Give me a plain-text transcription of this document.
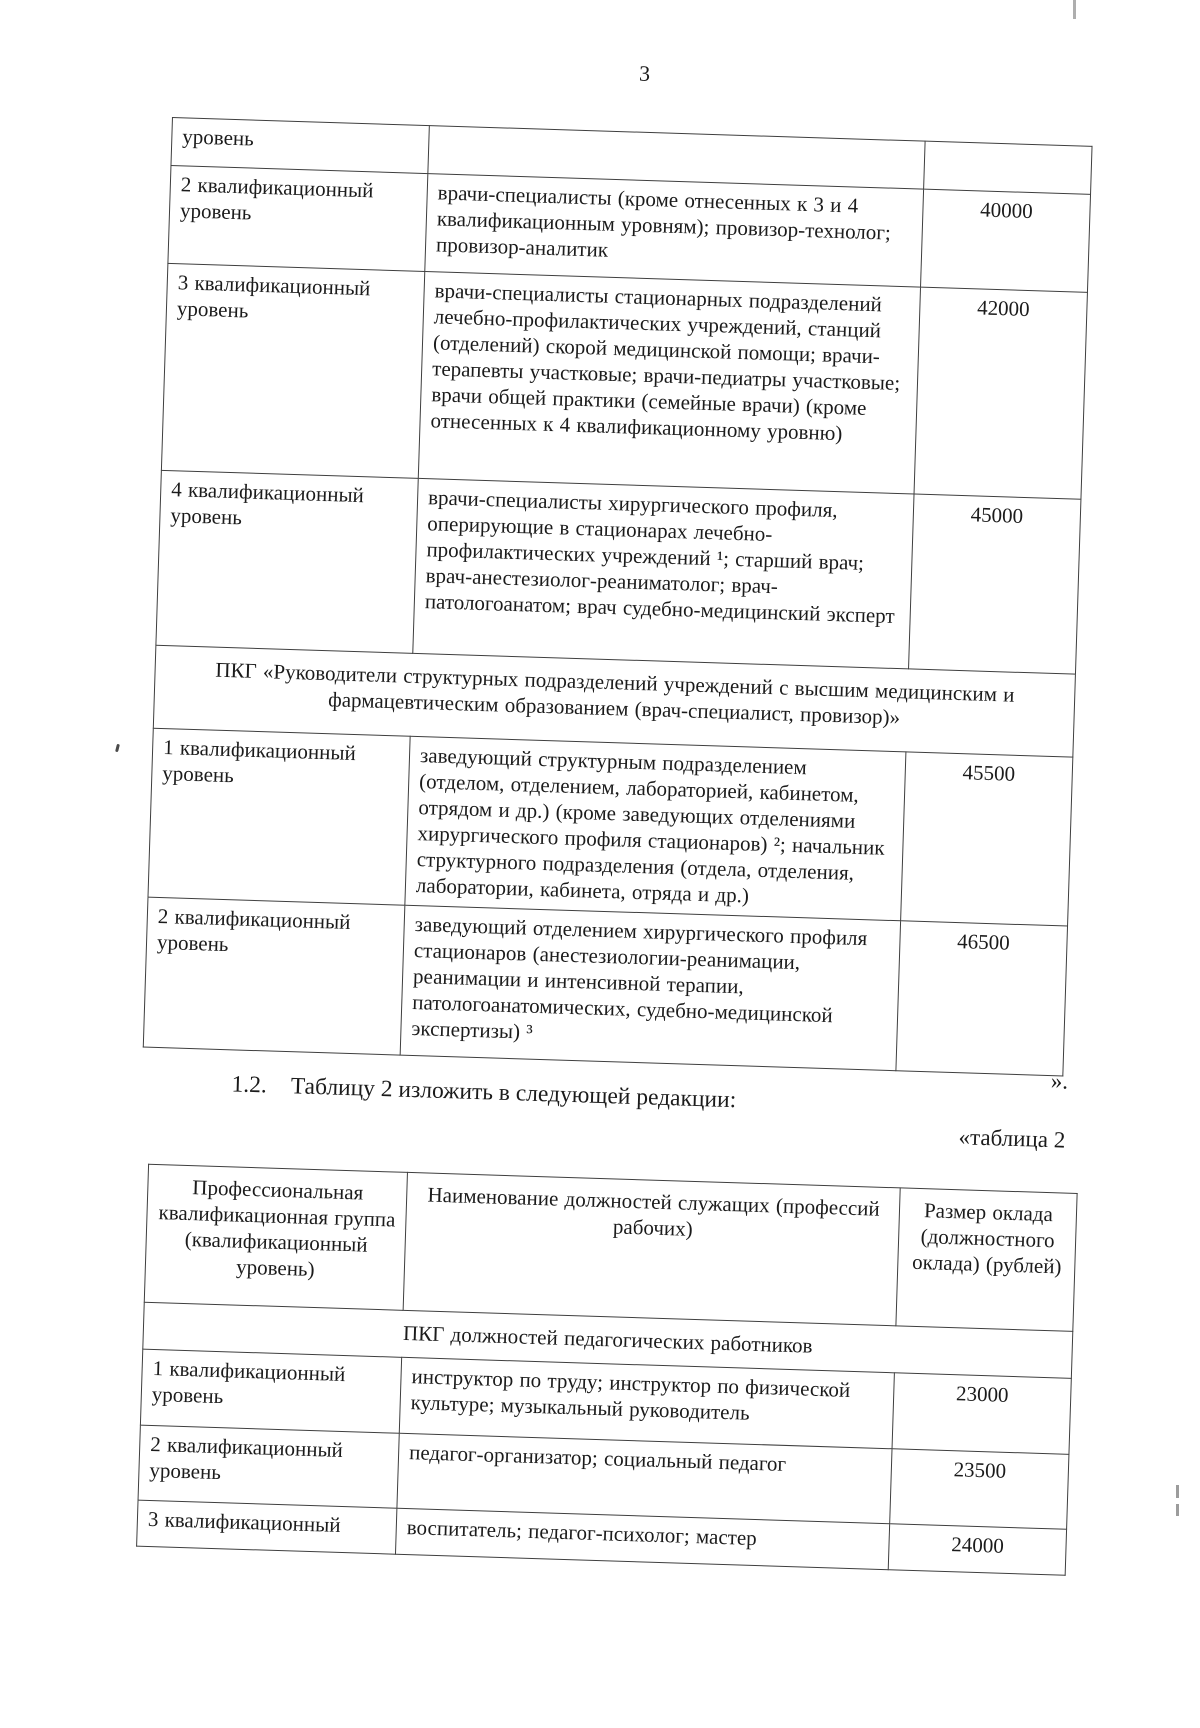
3
уровень		
2 квалификационный уровень	врачи-специалисты (кроме отнесенных к 3 и 4 квалификационным уровням); провизор-технолог; провизор-аналитик	40000
3 квалификационный уровень	врачи-специалисты стационарных подразделений лечебно-профилактических учреждений, станций (отделений) скорой медицинской помощи; врачи-терапевты участковые; врачи-педиатры участковые; врачи общей практики (семейные врачи) (кроме отнесенных к 4 квалификационному уровню)	42000
4 квалификационный уровень	врачи-специалисты хирургического профиля, оперирующие в стационарах лечебно-профилактических учреждений ¹; старший врач; врач-анестезиолог-реаниматолог; врач-патологоанатом; врач судебно-медицинский эксперт	45000
ПКГ «Руководители структурных подразделений учреждений с высшим медицинским и фармацевтическим образованием (врач-специалист, провизор)»		
1 квалификационный уровень	заведующий структурным подразделением (отделом, отделением, лабораторией, кабинетом, отрядом и др.) (кроме заведующих отделениями хирургического профиля стационаров) ²; начальник структурного подразделения (отдела, отделения, лаборатории, кабинета, отряда и др.)	45500
2 квалификационный уровень	заведующий отделением хирургического профиля стационаров (анестезиологии-реанимации, реанимации и интенсивной терапии, патологоанатомических, судебно-медицинской экспертизы) ³	46500
».
1.2. Таблицу 2 изложить в следующей редакции:
«таблица 2
Профессиональная квалификационная группа (квалификационный уровень)	Наименование должностей служащих (профессий рабочих)	Размер оклада (должностного оклада) (рублей)
ПКГ должностей педагогических работников		
1 квалификационный уровень	инструктор по труду; инструктор по физической культуре; музыкальный руководитель	23000
2 квалификационный уровень	педагог-организатор; социальный педагог	23500
3 квалификационный	воспитатель; педагог-психолог; мастер	24000
